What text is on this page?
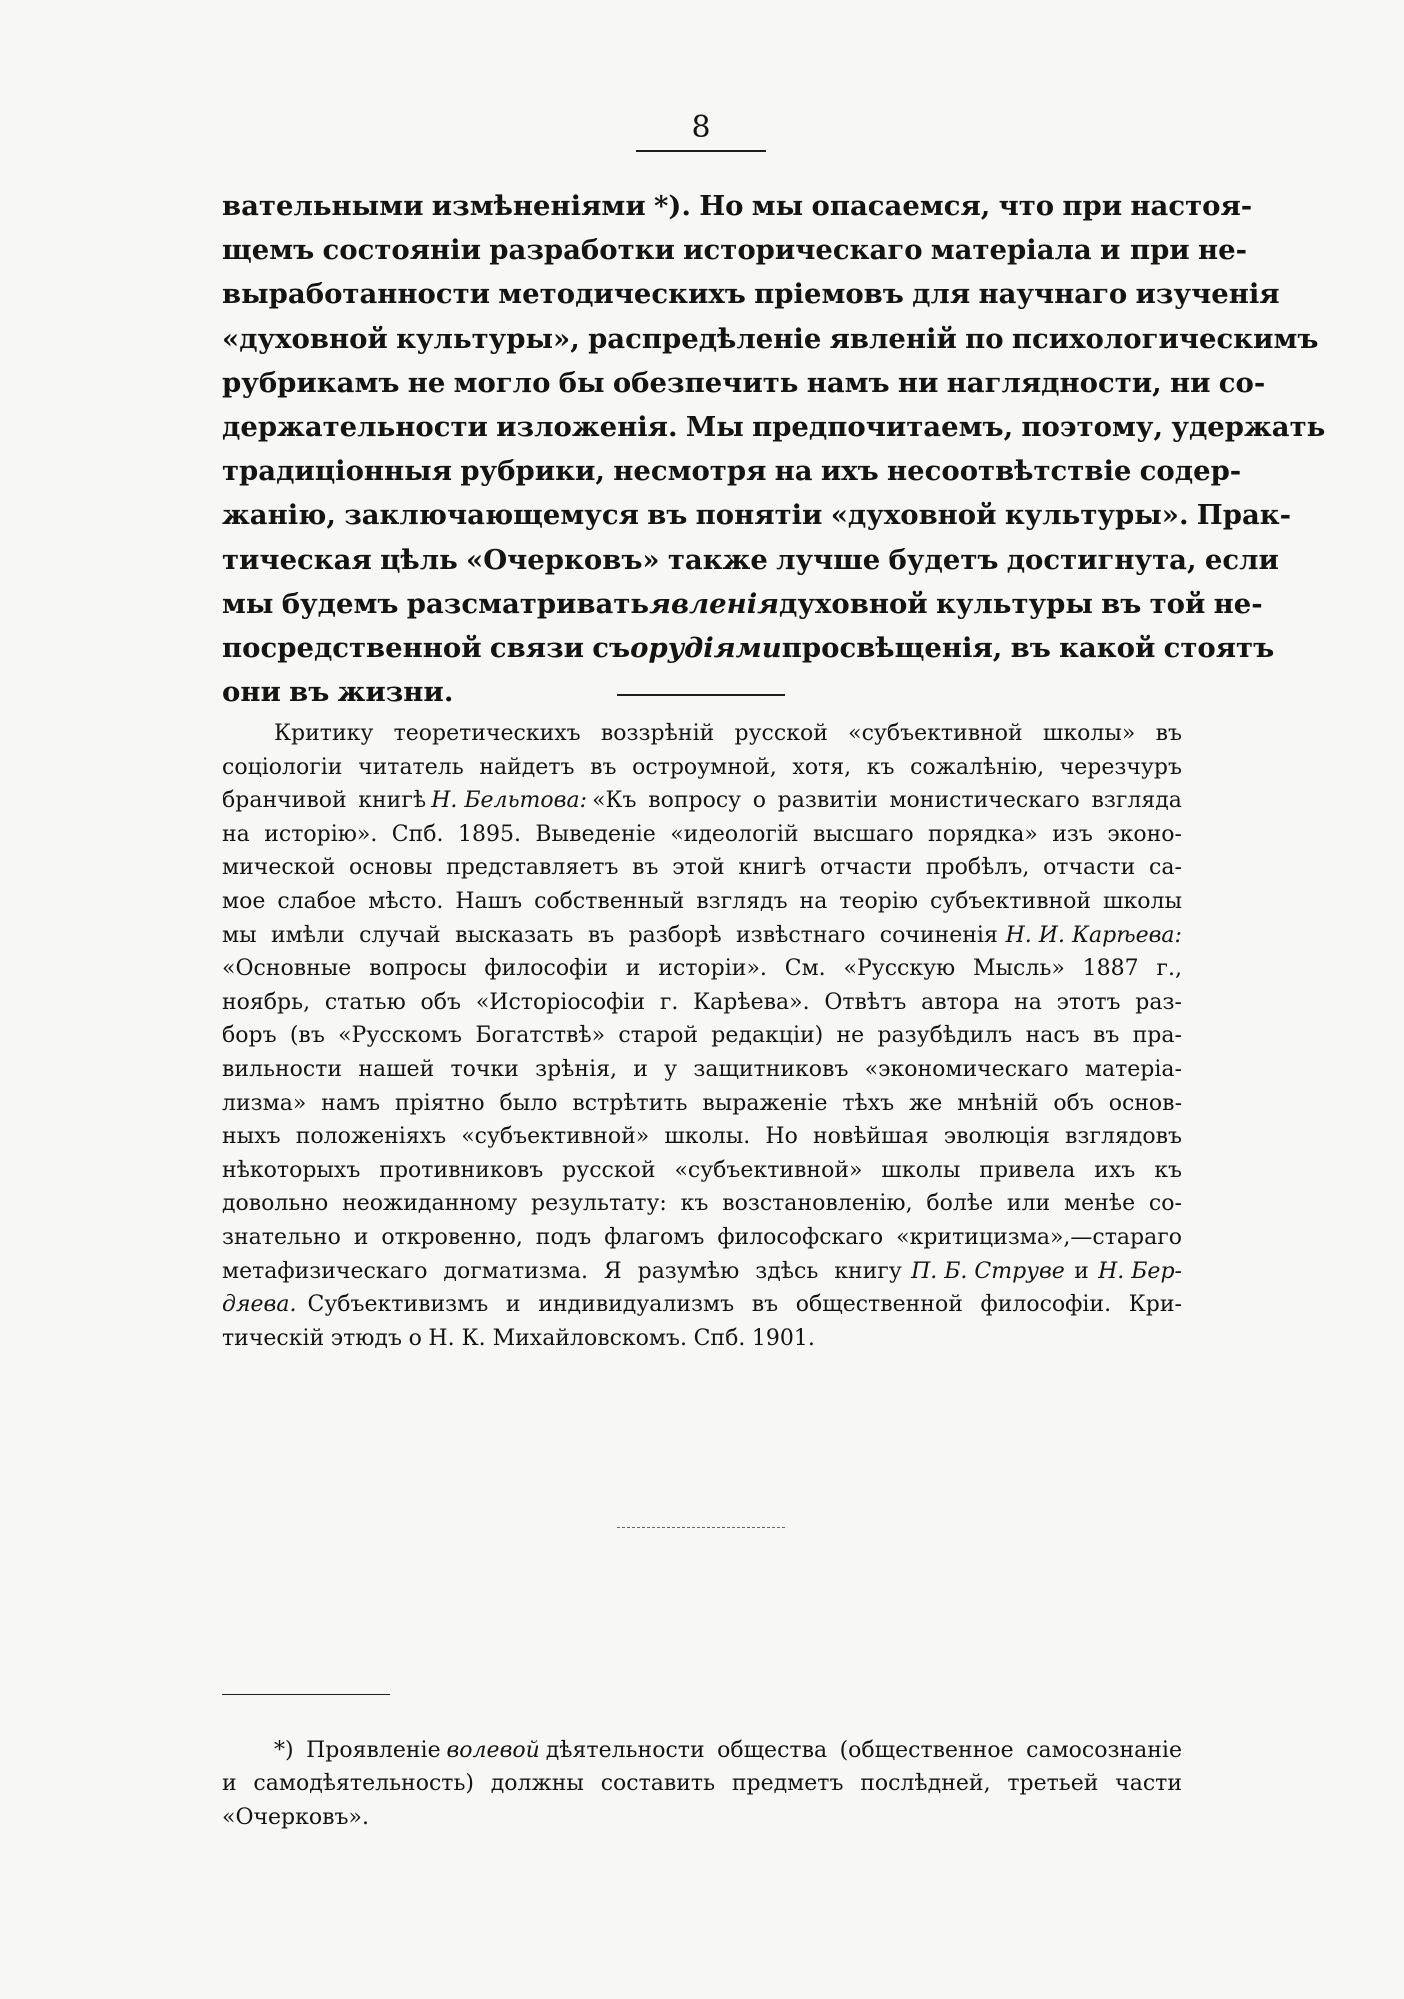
8
вательными измѣненіями *). Но мы опасаемся, что при настоя-
щемъ состояніи разработки историческаго матеріала и при не-
выработанности методическихъ пріемовъ для научнаго изученія
«духовной культуры», распредѣленіе явленій по психологическимъ
рубрикамъ не могло бы обезпечить намъ ни наглядности, ни со-
держательности изложенія. Мы предпочитаемъ, поэтому, удержать
традиціонныя рубрики, несмотря на ихъ несоотвѣтствіе содер-
жанію, заключающемуся въ понятіи «духовной культуры». Прак-
тическая цѣль «Очерковъ» также лучше будетъ достигнута, если
мы будемъ разсматривать явленія духовной культуры въ той не-
посредственной связи съ орудіями просвѣщенія, въ какой стоятъ
они въ жизни.
Критику теоретическихъ воззрѣній русской «субъективной школы» въ
соціологіи читатель найдетъ въ остроумной, хотя, къ сожалѣнію, черезчуръ
бранчивой книгѣ Н. Бельтова: «Къ вопросу о развитіи монистическаго взгляда
на исторію». Спб. 1895. Выведеніе «идеологій высшаго порядка» изъ эконо-
мической основы представляетъ въ этой книгѣ отчасти пробѣлъ, отчасти са-
мое слабое мѣсто. Нашъ собственный взглядъ на теорію субъективной школы
мы имѣли случай высказать въ разборѣ извѣстнаго сочиненія Н. И. Карѣева:
«Основные вопросы философіи и исторіи». См. «Русскую Мысль» 1887 г.,
ноябрь, статью объ «Исторіософіи г. Карѣева». Отвѣтъ автора на этотъ раз-
боръ (въ «Русскомъ Богатствѣ» старой редакціи) не разубѣдилъ насъ въ пра-
вильности нашей точки зрѣнія, и у защитниковъ «экономическаго матеріа-
лизма» намъ пріятно было встрѣтить выраженіе тѣхъ же мнѣній объ основ-
ныхъ положеніяхъ «субъективной» школы. Но новѣйшая эволюція взглядовъ
нѣкоторыхъ противниковъ русской «субъективной» школы привела ихъ къ
довольно неожиданному результату: къ возстановленію, болѣе или менѣе со-
знательно и откровенно, подъ флагомъ философскаго «критицизма»,—стараго
метафизическаго догматизма. Я разумѣю здѣсь книгу П. Б. Струве и Н. Бер-
дяева. Субъективизмъ и индивидуализмъ въ общественной философіи. Кри-
тическій этюдъ о Н. К. Михайловскомъ. Спб. 1901.
*) Проявленіе волевой дѣятельности общества (общественное самосознаніе
и самодѣятельность) должны составить предметъ послѣдней, третьей части
«Очерковъ».
